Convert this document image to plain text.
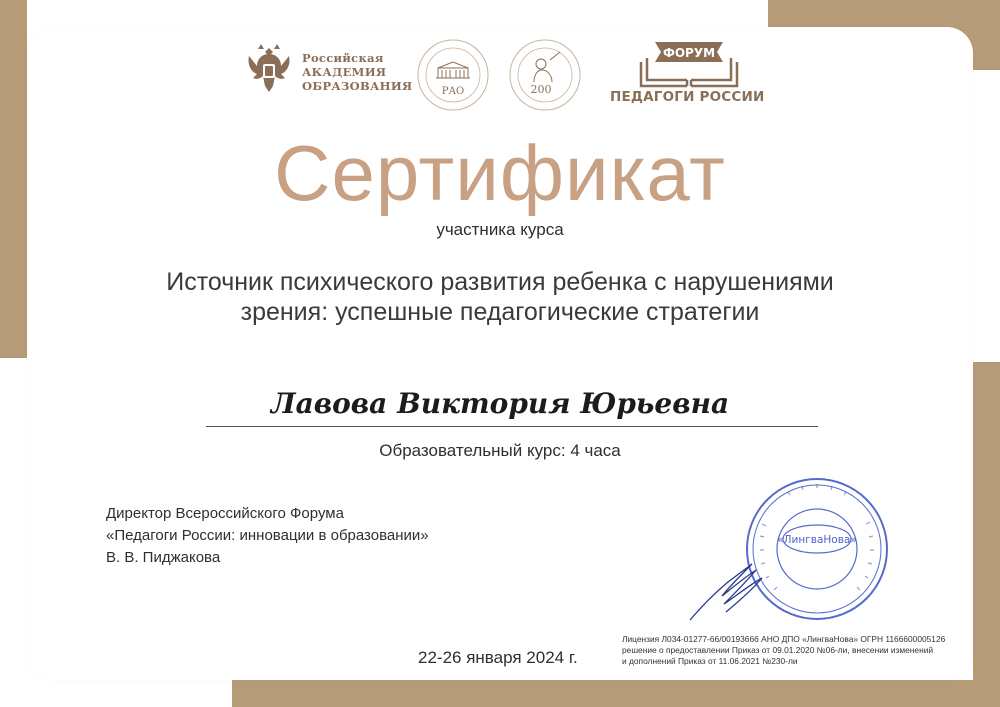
Российская
АКАДЕМИЯ
ОБРАЗОВАНИЯ	РАО	200
ФОРУМ
ПЕДАГОГИ РОССИИ
Сертификат
участника курса
Источник психического развития ребенка с нарушениями
зрения: успешные педагогические стратегии
Лавова Виктория Юрьевна
Образовательный курс: 4 часа
Директор Всероссийского Форума
«Педагоги России: инновации в образовании»
В. В. Пиджакова
«ЛингваНова»
22-26 января 2024 г.
Лицензия Л034-01277-66/00193666 АНО ДПО «ЛингваНова» ОГРН 1166600005126
решение о предоставлении Приказ от 09.01.2020 №06-ли, внесении изменений
и дополнений Приказ от 11.06.2021 №230-ли
